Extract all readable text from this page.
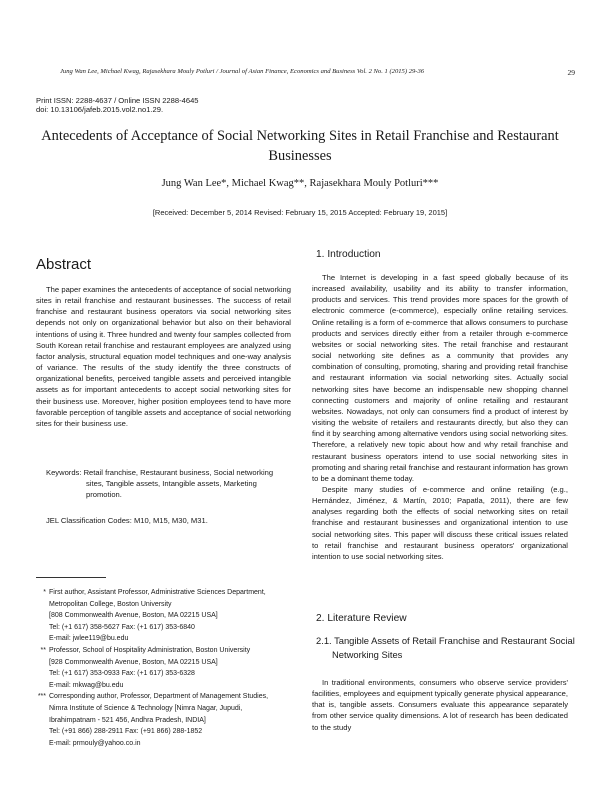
Jung Wan Lee, Michael Kwag, Rajasekhara Mouly Potluri / Journal of Asian Finance, Economics and Business Vol. 2 No. 1 (2015) 29-36	29
Print ISSN: 2288-4637 / Online ISSN 2288-4645
doi: 10.13106/jafeb.2015.vol2.no1.29.
Antecedents of Acceptance of Social Networking Sites in Retail Franchise and Restaurant Businesses
Jung Wan Lee*, Michael Kwag**, Rajasekhara Mouly Potluri***
[Received: December 5, 2014 Revised: February 15, 2015 Accepted: February 19, 2015]
Abstract

The paper examines the antecedents of acceptance of social networking sites in retail franchise and restaurant businesses. The success of retail franchise and restaurant business operators via social networking sites depends not only on organizational behavior but also on their behavioral intentions of using it. Three hundred and twenty four samples collected from South Korean retail franchise and restaurant employees are analyzed using factor analysis, structural equation model techniques and one-way analysis of variance. The results of the study identify the three constructs of organizational benefits, perceived tangible assets and perceived intangible assets as for important antecedents to accept social networking sites for their business use. Moreover, higher position employees tend to have more favorable perception of tangible assets and acceptance of social networking sites for their business use.

Keywords: Retail franchise, Restaurant business, Social networking sites, Tangible assets, Intangible assets, Marketing promotion.
JEL Classification Codes: M10, M15, M30, M31.
* First author, Assistant Professor, Administrative Sciences Department,
Metropolitan College, Boston University
[808 Commonwealth Avenue, Boston, MA 02215 USA]
Tel: (+1 617) 358-5627 Fax: (+1 617) 353-6840
E-mail: jwlee119@bu.edu
** Professor, School of Hospitality Administration, Boston University
[928 Commonwealth Avenue, Boston, MA 02215 USA]
Tel: (+1 617) 353-0933 Fax: (+1 617) 353-6328
E-mail: mkwag@bu.edu
*** Corresponding author, Professor, Department of Management Studies,
Nimra Institute of Science & Technology [Nimra Nagar, Jupudi,
Ibrahimpatnam - 521 456, Andhra Pradesh, INDIA]
Tel: (+91 866) 288-2911 Fax: (+91 866) 288-1852
E-mail: prmouly@yahoo.co.in
1. Introduction

The Internet is developing in a fast speed globally because of its increased availability, usability and its ability to transfer information, products and services. This trend provides more spaces for the growth of electronic commerce (e-commerce), especially online retailing services. Online retailing is a form of e-commerce that allows consumers to purchase products and services directly either from a retailer through e-commerce websites or social networking sites. The retail franchise and restaurant social networking site defines as a community that provides any combination of consulting, promoting, sharing and providing retail franchise and restaurant information via social networking sites. Actually social networking sites have become an indispensable new shopping channel connecting customers and majority of online retailing and restaurant websites. Nowadays, not only can consumers find a product of interest by visiting the website of retailers and restaurants directly, but also they can find it by searching among alternative vendors using social networking sites. Therefore, a relatively new topic about how and why retail franchise and restaurant business operators intend to use social networking sites in promoting and sharing retail franchise and restaurant information has grown to be a dominant theme today.

Despite many studies of e-commerce and online retailing (e.g., Hernández, Jiménez, & Martín, 2010; Papatla, 2011), there are few analyses regarding both the effects of social networking sites on retail franchise and restaurant businesses and organizational intention to use social networking sites. This paper will discuss these critical issues related to retail franchise and restaurant business operators' organizational intention to use social networking sites.

2. Literature Review
2.1. Tangible Assets of Retail Franchise and Restaurant Social Networking Sites

In traditional environments, consumers who observe service providers' facilities, employees and equipment typically generate physical appearance, that is, tangible assets. Consumers evaluate this appearance separately from other service quality dimensions. A lot of research has been dedicated to the study
